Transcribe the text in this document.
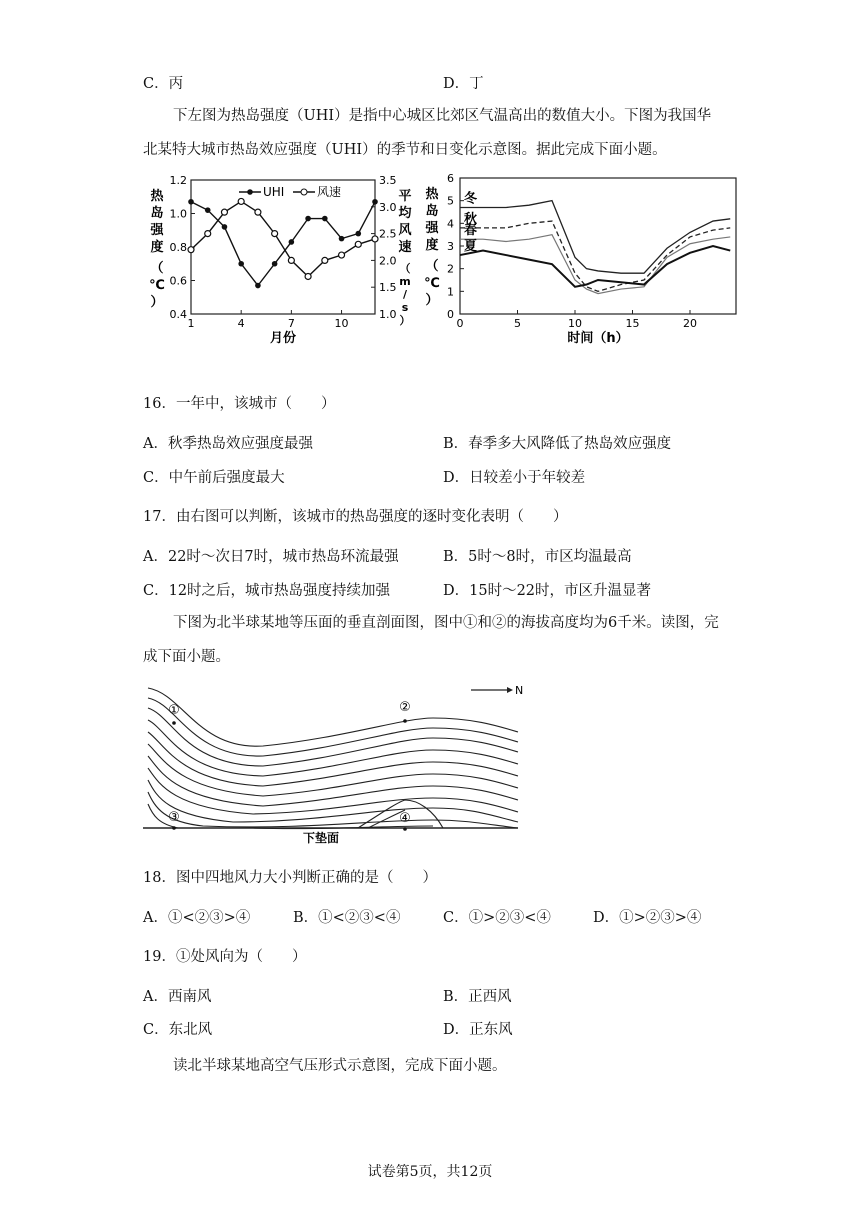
C．丙	D．丁
下左图为热岛强度（UHI）是指中心城区比郊区气温高出的数值大小。下图为我国华北某特大城市热岛效应强度（UHI）的季节和日变化示意图。据此完成下面小题。
0.4
0.6
0.8
1.0
1.2
1.0
1.5
2.0
2.5
3.0
3.5
1	4	7	10
月份
热
岛
强
度
（
℃
）
平
均
风
速
（
m
/
s
）
UHI	风速
0
1
2
3
4
5
6
0	5	10	15	20
时间（h）
热
岛
强
度
（
℃
）
冬
秋
春
夏
16．一年中，该城市（　　）
A．秋季热岛效应强度最强	B．春季多大风降低了热岛效应强度
C．中午前后强度最大	D．日较差小于年较差
17．由右图可以判断，该城市的热岛强度的逐时变化表明（　　）
A．22时～次日7时，城市热岛环流最强	B．5时～8时，市区均温最高
C．12时之后，城市热岛强度持续加强	D．15时～22时，市区升温显著
下图为北半球某地等压面的垂直剖面图，图中①和②的海拔高度均为6千米。读图，完成下面小题。
①	②
③	④
N
下垫面
18．图中四地风力大小判断正确的是（　　）
A．①<②③>④	B．①<②③<④	C．①>②③<④	D．①>②③>④
19．①处风向为（　　）
A．西南风	B．正西风
C．东北风	D．正东风
读北半球某地高空气压形式示意图，完成下面小题。
试卷第5页，共12页
